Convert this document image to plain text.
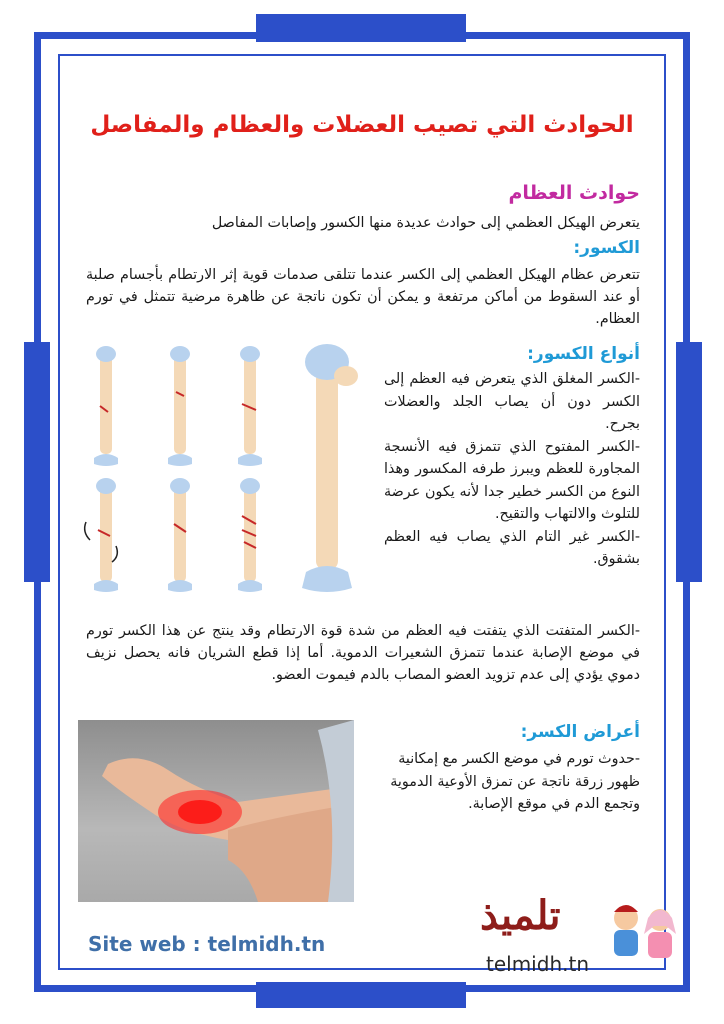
الحوادث التي تصيب العضلات والعظام والمفاصل
حوادث العظام

يتعرض الهيكل العظمي إلى حوادث عديدة منها الكسور وإصابات المفاصل

الكسور:

تتعرض عظام الهيكل العظمي إلى الكسر عندما تتلقى صدمات قوية إثر الارتطام بأجسام صلبة أو عند السقوط من أماكن مرتفعة و يمكن أن تكون ناتجة عن ظاهرة مرضية تتمثل في تورم العظام.

أنواع الكسور:

-الكسر المغلق الذي يتعرض فيه العظم إلى الكسر دون أن يصاب الجلد والعضلات بجرح.

-الكسر المفتوح الذي تتمزق فيه الأنسجة المجاورة للعظم ويبرز طرفه المكسور وهذا النوع من الكسر خطير جدا لأنه يكون عرضة للتلوث والالتهاب والتقيح.

-الكسر غير التام الذي يصاب فيه العظم بشقوق.

-الكسر المتفتت الذي يتفتت فيه العظم من شدة قوة الارتطام وقد ينتج عن هذا الكسر تورم في موضع الإصابة عندما تتمزق الشعيرات الدموية. أما إذا قطع الشريان فانه يحصل نزيف دموي يؤدي إلى عدم تزويد العضو المصاب بالدم فيموت العضو.

أعراض الكسر:

-حدوث تورم في موضع الكسر مع إمكانية ظهور زرقة ناتجة عن تمزق الأوعية الدموية وتجمع الدم في موقع الإصابة.

Site web : telmidh.tn
تلميذ
telmidh.tn
